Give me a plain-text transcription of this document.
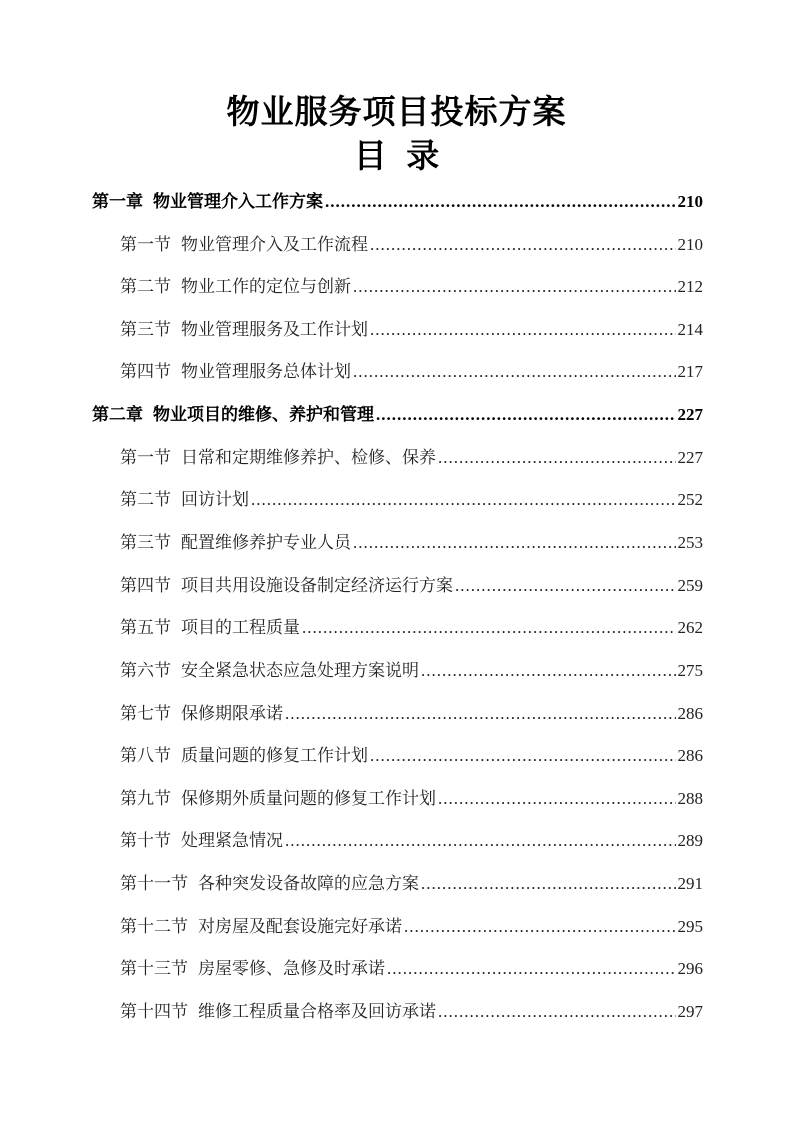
物业服务项目投标方案
目 录
第一章 物业管理介入工作方案 .....	210
第一节 物业管理介入及工作流程 .....	210
第二节 物业工作的定位与创新 .....	212
第三节 物业管理服务及工作计划 .....	214
第四节 物业管理服务总体计划 .....	217
第二章 物业项目的维修、养护和管理 .....	227
第一节 日常和定期维修养护、检修、保养 .....	227
第二节 回访计划 .....	252
第三节 配置维修养护专业人员 .....	253
第四节 项目共用设施设备制定经济运行方案 .....	259
第五节 项目的工程质量 .....	262
第六节 安全紧急状态应急处理方案说明 .....	275
第七节 保修期限承诺 .....	286
第八节 质量问题的修复工作计划 .....	286
第九节 保修期外质量问题的修复工作计划 .....	288
第十节 处理紧急情况 .....	289
第十一节 各种突发设备故障的应急方案 .....	291
第十二节 对房屋及配套设施完好承诺 .....	295
第十三节 房屋零修、急修及时承诺 .....	296
第十四节 维修工程质量合格率及回访承诺 .....	297
